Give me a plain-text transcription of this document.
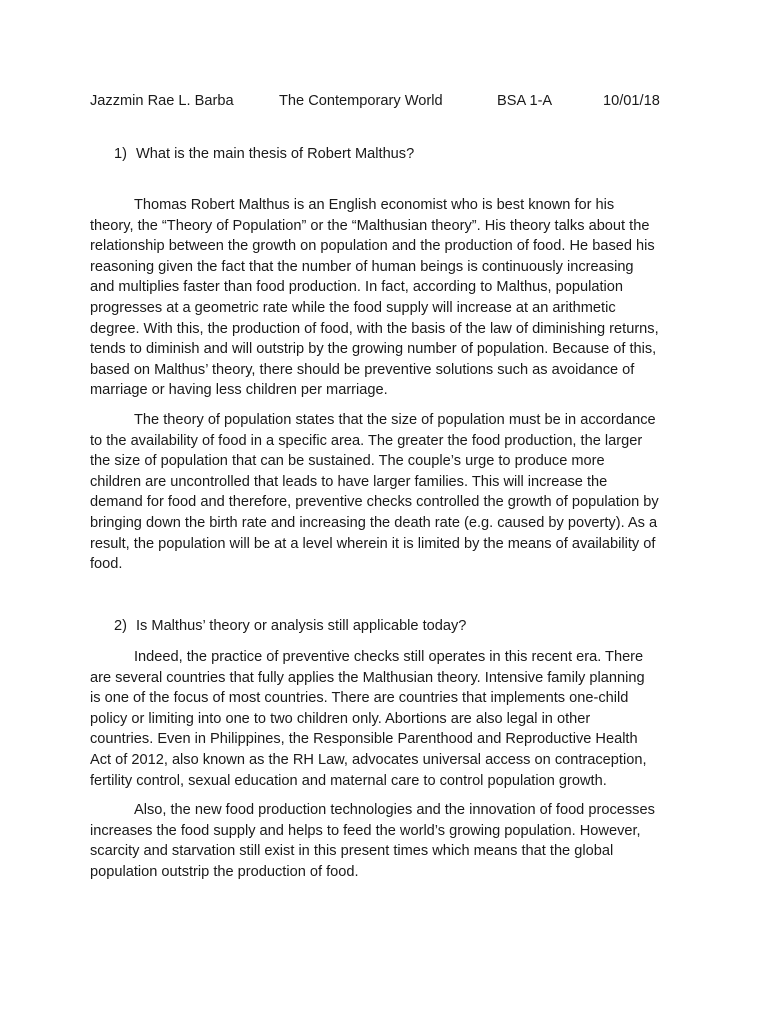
Jazzmin Rae L. Barba	The Contemporary World	BSA 1-A	10/01/18
1) What is the main thesis of Robert Malthus?

Thomas Robert Malthus is an English economist who is best known for his
theory, the “Theory of Population” or the “Malthusian theory”. His theory talks about the
relationship between the growth on population and the production of food. He based his
reasoning given the fact that the number of human beings is continuously increasing
and multiplies faster than food production. In fact, according to Malthus, population
progresses at a geometric rate while the food supply will increase at an arithmetic
degree. With this, the production of food, with the basis of the law of diminishing returns,
tends to diminish and will outstrip by the growing number of population. Because of this,
based on Malthus’ theory, there should be preventive solutions such as avoidance of
marriage or having less children per marriage.

The theory of population states that the size of population must be in accordance
to the availability of food in a specific area. The greater the food production, the larger
the size of population that can be sustained. The couple’s urge to produce more
children are uncontrolled that leads to have larger families. This will increase the
demand for food and therefore, preventive checks controlled the growth of population by
bringing down the birth rate and increasing the death rate (e.g. caused by poverty). As a
result, the population will be at a level wherein it is limited by the means of availability of
food.

2) Is Malthus’ theory or analysis still applicable today?

Indeed, the practice of preventive checks still operates in this recent era. There
are several countries that fully applies the Malthusian theory. Intensive family planning
is one of the focus of most countries. There are countries that implements one-child
policy or limiting into one to two children only. Abortions are also legal in other
countries. Even in Philippines, the Responsible Parenthood and Reproductive Health
Act of 2012, also known as the RH Law, advocates universal access on contraception,
fertility control, sexual education and maternal care to control population growth.

Also, the new food production technologies and the innovation of food processes
increases the food supply and helps to feed the world’s growing population. However,
scarcity and starvation still exist in this present times which means that the global
population outstrip the production of food.
